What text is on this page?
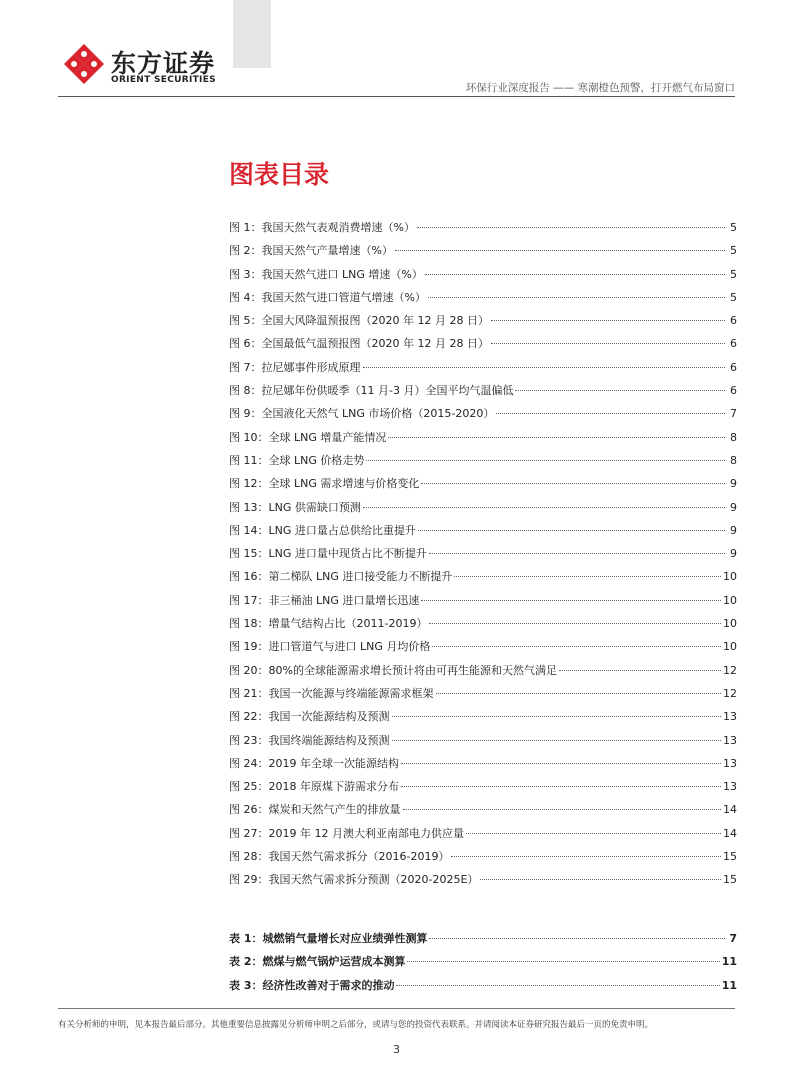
东方证券
ORIENT SECURITIES
环保行业深度报告 —— 寒潮橙色预警，打开燃气布局窗口
图表目录
图 1：我国天然气表观消费增速（%）	5
图 2：我国天然气产量增速（%）	5
图 3：我国天然气进口 LNG 增速（%）	5
图 4：我国天然气进口管道气增速（%）	5
图 5：全国大风降温预报图（2020 年 12 月 28 日）	6
图 6：全国最低气温预报图（2020 年 12 月 28 日）	6
图 7：拉尼娜事件形成原理	6
图 8：拉尼娜年份供暖季（11 月-3 月）全国平均气温偏低	6
图 9：全国液化天然气 LNG 市场价格（2015-2020）	7
图 10：全球 LNG 增量产能情况	8
图 11：全球 LNG 价格走势	8
图 12：全球 LNG 需求增速与价格变化	9
图 13：LNG 供需缺口预测	9
图 14：LNG 进口量占总供给比重提升	9
图 15：LNG 进口量中现货占比不断提升	9
图 16：第二梯队 LNG 进口接受能力不断提升	10
图 17：非三桶油 LNG 进口量增长迅速	10
图 18：增量气结构占比（2011-2019）	10
图 19：进口管道气与进口 LNG 月均价格	10
图 20：80%的全球能源需求增长预计将由可再生能源和天然气满足	12
图 21：我国一次能源与终端能源需求框架	12
图 22：我国一次能源结构及预测	13
图 23：我国终端能源结构及预测	13
图 24：2019 年全球一次能源结构	13
图 25：2018 年原煤下游需求分布	13
图 26：煤炭和天然气产生的排放量	14
图 27：2019 年 12 月澳大利亚南部电力供应量	14
图 28：我国天然气需求拆分（2016-2019）	15
图 29：我国天然气需求拆分预测（2020-2025E）	15
表 1：城燃销气量增长对应业绩弹性测算	7
表 2：燃煤与燃气锅炉运营成本测算	11
表 3：经济性改善对于需求的推动	11
有关分析师的申明，见本报告最后部分。其他重要信息披露见分析师申明之后部分，或请与您的投资代表联系。并请阅读本证券研究报告最后一页的免责申明。
3
